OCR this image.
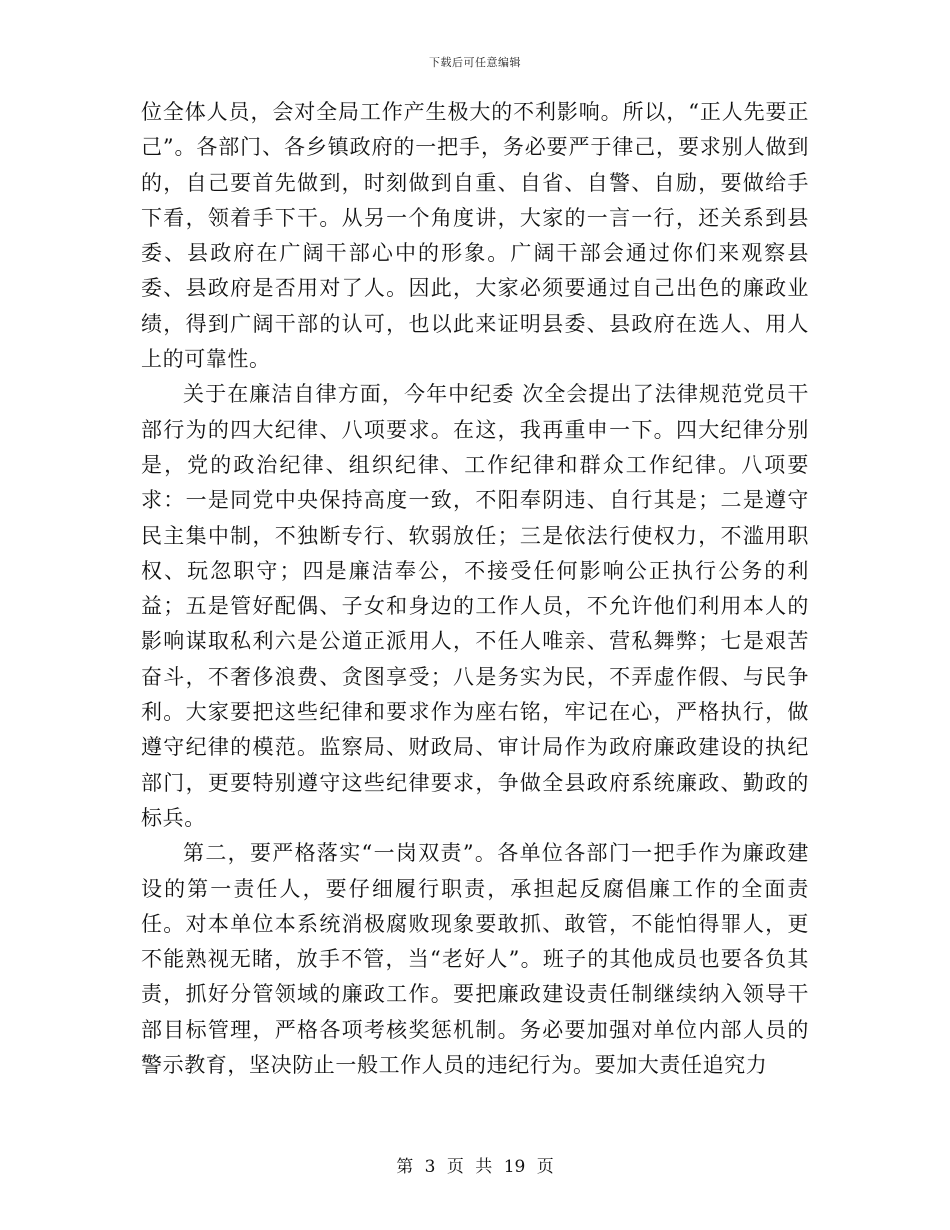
下载后可任意编辑

位全体人员，会对全局工作产生极大的不利影响。所以，“正人先要正己”。各部门、各乡镇政府的一把手，务必要严于律己，要求别人做到的，自己要首先做到，时刻做到自重、自省、自警、自励，要做给手下看，领着手下干。从另一个角度讲，大家的一言一行，还关系到县委、县政府在广阔干部心中的形象。广阔干部会通过你们来观察县委、县政府是否用对了人。因此，大家必须要通过自己出色的廉政业绩，得到广阔干部的认可，也以此来证明县委、县政府在选人、用人上的可靠性。

关于在廉洁自律方面，今年中纪委 次全会提出了法律规范党员干部行为的四大纪律、八项要求。在这，我再重申一下。四大纪律分别是，党的政治纪律、组织纪律、工作纪律和群众工作纪律。八项要求：一是同党中央保持高度一致，不阳奉阴违、自行其是；二是遵守民主集中制，不独断专行、软弱放任；三是依法行使权力，不滥用职权、玩忽职守；四是廉洁奉公，不接受任何影响公正执行公务的利益；五是管好配偶、子女和身边的工作人员，不允许他们利用本人的影响谋取私利六是公道正派用人，不任人唯亲、营私舞弊；七是艰苦奋斗，不奢侈浪费、贪图享受；八是务实为民，不弄虚作假、与民争利。大家要把这些纪律和要求作为座右铭，牢记在心，严格执行，做遵守纪律的模范。监察局、财政局、审计局作为政府廉政建设的执纪部门，更要特别遵守这些纪律要求，争做全县政府系统廉政、勤政的标兵。

第二，要严格落实“一岗双责”。各单位各部门一把手作为廉政建设的第一责任人，要仔细履行职责，承担起反腐倡廉工作的全面责任。对本单位本系统消极腐败现象要敢抓、敢管，不能怕得罪人，更不能熟视无睹，放手不管，当“老好人”。班子的其他成员也要各负其责，抓好分管领域的廉政工作。要把廉政建设责任制继续纳入领导干部目标管理，严格各项考核奖惩机制。务必要加强对单位内部人员的警示教育，坚决防止一般工作人员的违纪行为。要加大责任追究力

第 3 页 共 19 页
